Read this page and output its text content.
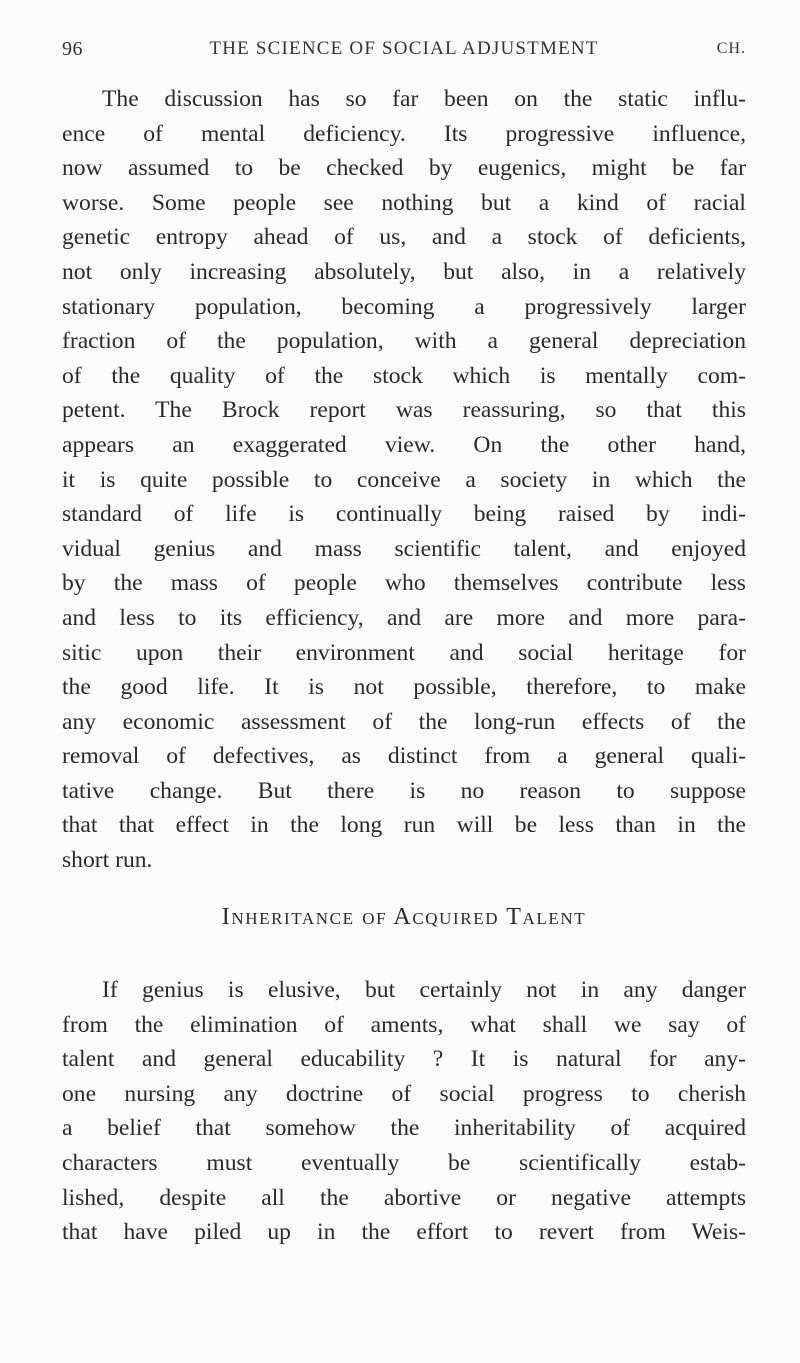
96	THE SCIENCE OF SOCIAL ADJUSTMENT	CH.

The discussion has so far been on the static influ-
ence of mental deficiency. Its progressive influence,
now assumed to be checked by eugenics, might be far
worse. Some people see nothing but a kind of racial
genetic entropy ahead of us, and a stock of deficients,
not only increasing absolutely, but also, in a relatively
stationary population, becoming a progressively larger
fraction of the population, with a general depreciation
of the quality of the stock which is mentally com-
petent. The Brock report was reassuring, so that this
appears an exaggerated view. On the other hand,
it is quite possible to conceive a society in which the
standard of life is continually being raised by indi-
vidual genius and mass scientific talent, and enjoyed
by the mass of people who themselves contribute less
and less to its efficiency, and are more and more para-
sitic upon their environment and social heritage for
the good life. It is not possible, therefore, to make
any economic assessment of the long-run effects of the
removal of defectives, as distinct from a general quali-
tative change. But there is no reason to suppose
that that effect in the long run will be less than in the
short run.

Inheritance of Acquired Talent

If genius is elusive, but certainly not in any danger
from the elimination of aments, what shall we say of
talent and general educability ? It is natural for any-
one nursing any doctrine of social progress to cherish
a belief that somehow the inheritability of acquired
characters must eventually be scientifically estab-
lished, despite all the abortive or negative attempts
that have piled up in the effort to revert from Weis-
